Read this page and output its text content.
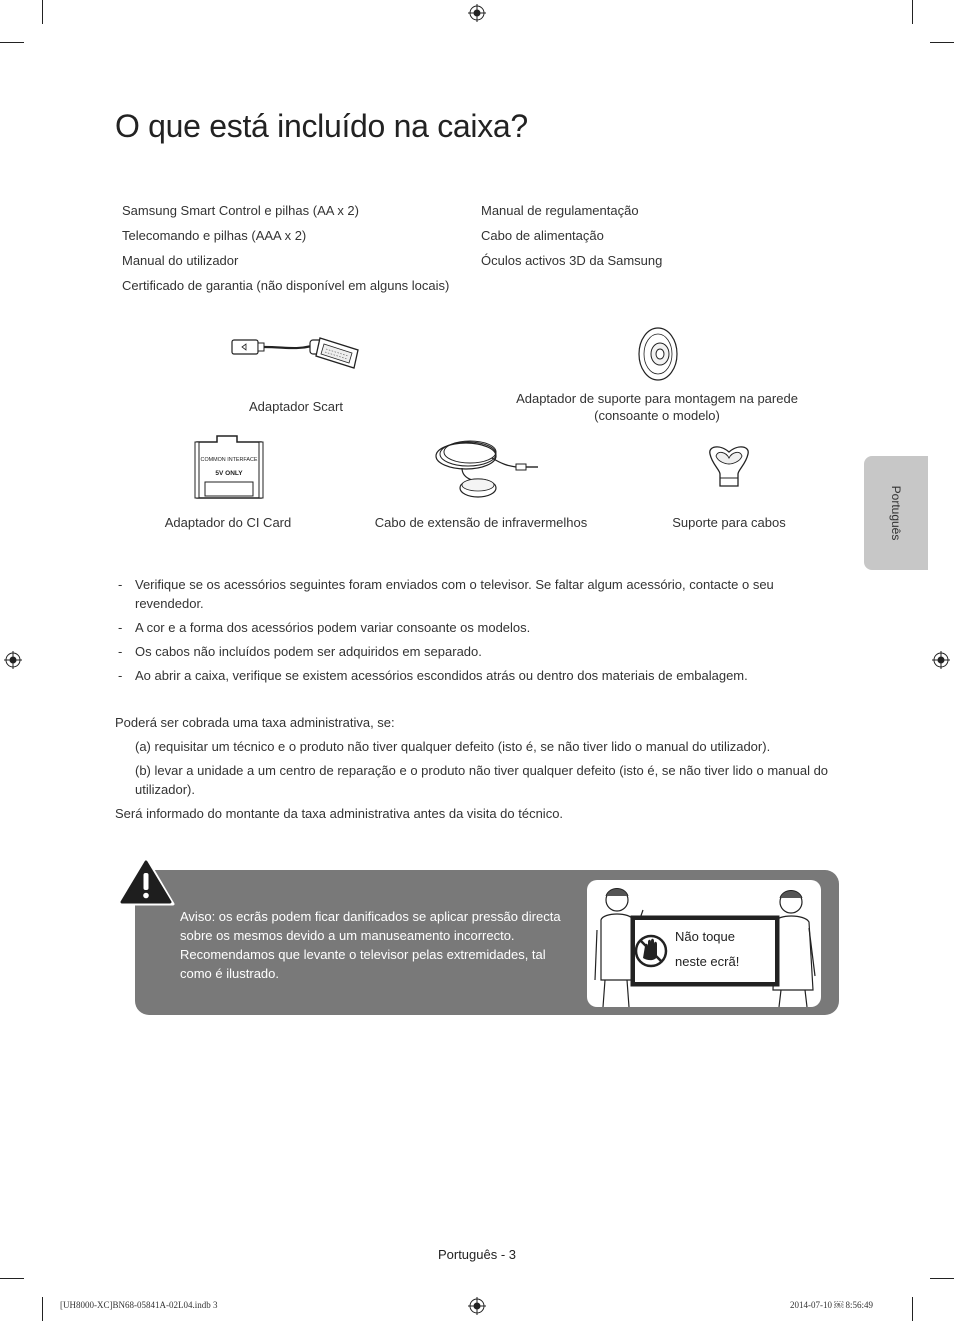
O que está incluído na caixa?
Samsung Smart Control e pilhas (AA x 2)
Telecomando e pilhas (AAA x 2)
Manual do utilizador
Certificado de garantia (não disponível em alguns locais)
Manual de regulamentação
Cabo de alimentação
Óculos activos 3D da Samsung
Adaptador Scart
Adaptador de suporte para montagem na parede
(consoante o modelo)
COMMON INTERFACE
5V ONLY
Adaptador do CI Card	Cabo de extensão de infravermelhos	Suporte para cabos	Português
- Verifique se os acessórios seguintes foram enviados com o televisor. Se faltar algum acessório, contacte o seu revendedor.
- A cor e a forma dos acessórios podem variar consoante os modelos.
- Os cabos não incluídos podem ser adquiridos em separado.
- Ao abrir a caixa, verifique se existem acessórios escondidos atrás ou dentro dos materiais de embalagem.

Poderá ser cobrada uma taxa administrativa, se:

(a) requisitar um técnico e o produto não tiver qualquer defeito (isto é, se não tiver lido o manual do utilizador).

(b) levar a unidade a um centro de reparação e o produto não tiver qualquer defeito (isto é, se não tiver lido o manual do utilizador).

Será informado do montante da taxa administrativa antes da visita do técnico.

Aviso: os ecrãs podem ficar danificados se aplicar pressão directa sobre os mesmos devido a um manuseamento incorrecto. Recomendamos que levante o televisor pelas extremidades, tal como é ilustrado.
Não toque
neste ecrã!
Português - 3
[UH8000-XC]BN68-05841A-02L04.indb 3	2014-07-10 ￼ 8:56:49
